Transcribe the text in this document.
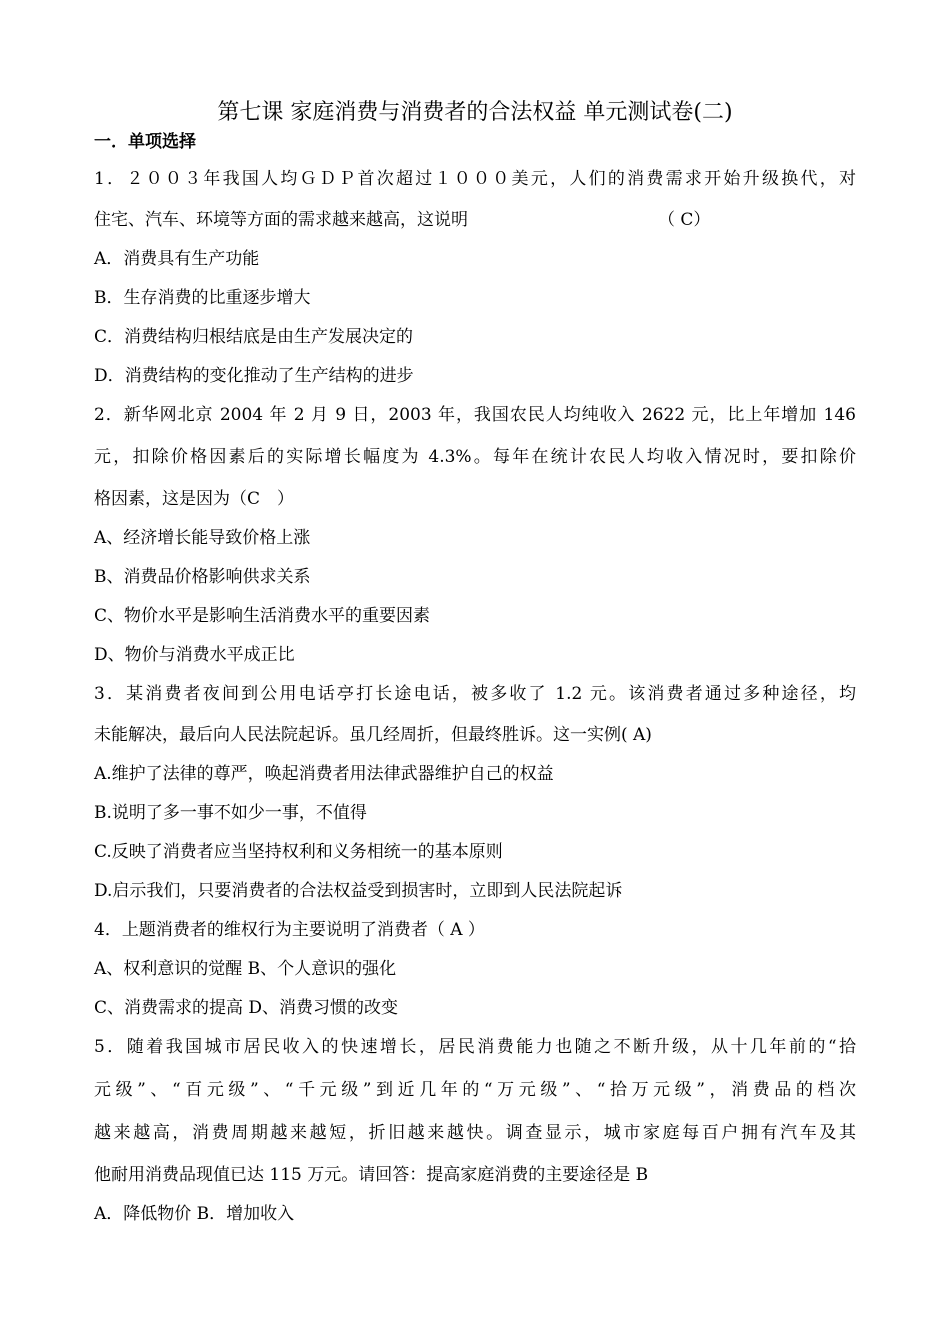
第七课 家庭消费与消费者的合法权益 单元测试卷(二)
一．单项选择
1．２００３年我国人均ＧＤＰ首次超过１０００美元，人们的消费需求开始升级换代，对
住宅、汽车、环境等方面的需求越来越高，这说明	（ C）
A．消费具有生产功能
B．生存消费的比重逐步增大
C．消费结构归根结底是由生产发展决定的
D．消费结构的变化推动了生产结构的进步
2．新华网北京 2004 年 2 月 9 日，2003 年，我国农民人均纯收入 2622 元，比上年增加 146
元，扣除价格因素后的实际增长幅度为 4.3%。每年在统计农民人均收入情况时，要扣除价
格因素，这是因为（C　）
A、经济增长能导致价格上涨
B、消费品价格影响供求关系
C、物价水平是影响生活消费水平的重要因素
D、物价与消费水平成正比
3．某消费者夜间到公用电话亭打长途电话，被多收了 1.2 元。该消费者通过多种途径，均
未能解决，最后向人民法院起诉。虽几经周折，但最终胜诉。这一实例( A)
A.维护了法律的尊严，唤起消费者用法律武器维护自己的权益
B.说明了多一事不如少一事，不值得
C.反映了消费者应当坚持权利和义务相统一的基本原则
D.启示我们，只要消费者的合法权益受到损害时，立即到人民法院起诉
4．上题消费者的维权行为主要说明了消费者（ A ）
A、权利意识的觉醒 B、个人意识的强化
C、消费需求的提高 D、消费习惯的改变
5．随着我国城市居民收入的快速增长，居民消费能力也随之不断升级，从十几年前的“拾
元级”、“百元级”、“千元级”到近几年的“万元级”、“拾万元级”，消费品的档次
越来越高，消费周期越来越短，折旧越来越快。调查显示，城市家庭每百户拥有汽车及其
他耐用消费品现值已达 115 万元。请回答：提高家庭消费的主要途径是 B
A．降低物价 B．增加收入
